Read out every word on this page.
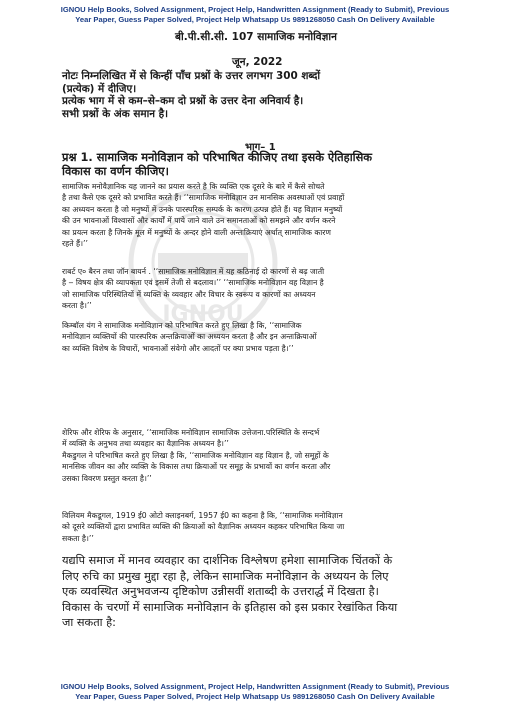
IGNOU Help Books, Solved Assignment, Project Help, Handwritten Assignment (Ready to Submit), Previous
Year Paper, Guess Paper Solved, Project Help Whatsapp Us 9891268050 Cash On Delivery Available
IGNOU
बी.पी.सी.सी. 107 सामाजिक मनोविज्ञान
जून, 2022
नोटः निम्नलिखित में से किन्हीं पाँच प्रश्नों के उत्तर लगभग 300 शब्दों
(प्रत्येक) में दीजिए।
प्रत्येक भाग में से कम–से–कम दो प्रश्नों के उत्तर देना अनिवार्य है।
सभी प्रश्नों के अंक समान है।
भाग– 1
प्रश्न 1. सामाजिक मनोविज्ञान को परिभाषित कीजिए तथा इसके ऐतिहासिक
विकास का वर्णन कीजिए।
सामाजिक मनोवैज्ञानिक यह जानने का प्रयास करते है कि व्यक्ति एक दूसरे के बारे में कैसे सोचते
है तथा कैसे एक दूसरे को प्रभावित करते हैं। ‘‘सामाजिक मनोविज्ञान उन मानसिक अवस्थाओं एवं प्रवाहों
का अध्ययन करता है जो मनुष्यों में उनके पारस्परिक सम्पर्क के कारण उत्पन्न होते हैं। यह विज्ञान मनुष्यों
की उन भावनाओं विश्वासों और कार्यों में पाये जाने वाले उन समानताओं को समझने और वर्णन करने
का प्रयत्न करता है जिनके मूल में मनुष्यों के अन्दर होने वाली अन्तःक्रियाएं अर्थात् सामाजिक कारण
रहते हैं।’’
राबर्ट ए० बैरन तथा जॉन बायर्न . ‘‘सामाजिक मनोविज्ञान में यह कठिनाई दो कारणों से बढ़ जाती
है ‒ विषय क्षेत्र की व्यापकता एवं इसमें तेजी से बदलाव।’’ ‘‘सामाजिक मनोविज्ञान वह विज्ञान है
जो सामाजिक परिस्थितियों में व्यक्ति के व्यवहार और विचार के स्वरूप व कारणों का अध्ययन
करता है।’’
किम्बॉल यंग ने सामाजिक मनोविज्ञान को परिभाषित करते हुए लिखा है कि, ‘‘सामाजिक
मनोविज्ञान व्यक्तियों की पारस्परिक अन्तक्रियाओं का अध्ययन करता है और इन अन्तःक्रियाओं
का व्यक्ति विशेष के विचारों, भावनाओं संवेगो और आदतों पर क्या प्रभाव पड़ता है।’’
शेरिफ और शेरिफ के अनुसार, ‘‘सामाजिक मनोविज्ञान सामाजिक उत्तेजना.परिस्थिति के सन्दर्भ
में व्यक्ति के अनुभव तथा व्यवहार का वैज्ञानिक अध्ययन है।’’
मैकडुगल ने परिभाषित करते हुए लिखा है कि, ‘‘सामाजिक मनोविज्ञान वह विज्ञान है, जो समूहों के
मानसिक जीवन का और व्यक्ति के विकास तथा क्रियाओं पर समूह के प्रभावों का वर्णन करता और
उसका विवरण प्रस्तुत करता है।’’
विलियम मैकडूगल, 1919 ई0 ओटो क्लाइनबर्ग, 1957 ई0 का कहना है कि, ‘‘सामाजिक मनोविज्ञान
को दूसरे व्यक्तियों द्वारा प्रभावित व्यक्ति की क्रियाओं को वैज्ञानिक अध्ययन कहकर परिभाषित किया जा
सकता है।’’
यद्यपि समाज में मानव व्यवहार का दार्शनिक विश्लेषण हमेशा सामाजिक चिंतकों के
लिए रुचि का प्रमुख मुद्दा रहा है, लेकिन सामाजिक मनोविज्ञान के अध्ययन के लिए
एक व्यवस्थित अनुभवजन्य दृष्टिकोण उन्नीसवीं शताब्दी के उत्तरार्द्ध में दिखता है।
विकास के चरणों में सामाजिक मनोविज्ञान के इतिहास को इस प्रकार रेखांकित किया
जा सकता है:
IGNOU Help Books, Solved Assignment, Project Help, Handwritten Assignment (Ready to Submit), Previous
Year Paper, Guess Paper Solved, Project Help Whatsapp Us 9891268050 Cash On Delivery Available
